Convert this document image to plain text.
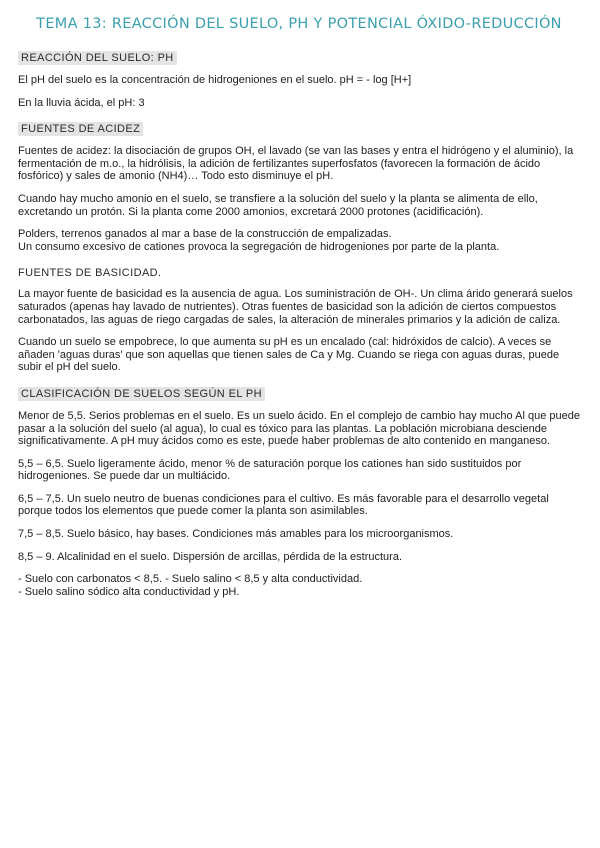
TEMA 13: REACCIÓN DEL SUELO, PH Y POTENCIAL ÓXIDO-REDUCCIÓN
REACCIÓN DEL SUELO: PH

El pH del suelo es la concentración de hidrogeniones en el suelo. pH = - log [H+]

En la lluvia ácida, el pH: 3

FUENTES DE ACIDEZ

Fuentes de acidez: la disociación de grupos OH, el lavado (se van las bases y entra el hidrógeno y el aluminio), la fermentación de m.o., la hidrólisis, la adición de fertilizantes superfosfatos (favorecen la formación de ácido fosfórico) y sales de amonio (NH4)… Todo esto disminuye el pH.

Cuando hay mucho amonio en el suelo, se transfiere a la solución del suelo y la planta se alimenta de ello, excretando un protón. Si la planta come 2000 amonios, excretará 2000 protones (acidificación).

Polders, terrenos ganados al mar a base de la construcción de empalizadas.

Un consumo excesivo de cationes provoca la segregación de hidrogeniones por parte de la planta.

FUENTES DE BASICIDAD.

La mayor fuente de basicidad es la ausencia de agua. Los suministración de OH-. Un clima árido generará suelos saturados (apenas hay lavado de nutrientes). Otras fuentes de basicidad son la adición de ciertos compuestos carbonatados, las aguas de riego cargadas de sales, la alteración de minerales primarios y la adición de caliza.

Cuando un suelo se empobrece, lo que aumenta su pH es un encalado (cal: hidróxidos de calcio). A veces se añaden 'aguas duras' que son aquellas que tienen sales de Ca y Mg. Cuando se riega con aguas duras, puede subir el pH del suelo.

CLASIFICACIÓN DE SUELOS SEGÚN EL PH

Menor de 5,5. Serios problemas en el suelo. Es un suelo ácido. En el complejo de cambio hay mucho Al que puede pasar a la solución del suelo (al agua), lo cual es tóxico para las plantas. La población microbiana desciende significativamente. A pH muy ácidos como es este, puede haber problemas de alto contenido en manganeso.

5,5 – 6,5. Suelo ligeramente ácido, menor % de saturación porque los cationes han sido sustituidos por hidrogeniones. Se puede dar un multiácido.

6,5 – 7,5. Un suelo neutro de buenas condiciones para el cultivo. Es más favorable para el desarrollo vegetal porque todos los elementos que puede comer la planta son asimilables.

7,5 – 8,5. Suelo básico, hay bases. Condiciones más amables para los microorganismos.

8,5 – 9. Alcalinidad en el suelo. Dispersión de arcillas, pérdida de la estructura.

- Suelo con carbonatos < 8,5. - Suelo salino < 8,5 y alta conductividad.

- Suelo salino sódico alta conductividad y pH.
